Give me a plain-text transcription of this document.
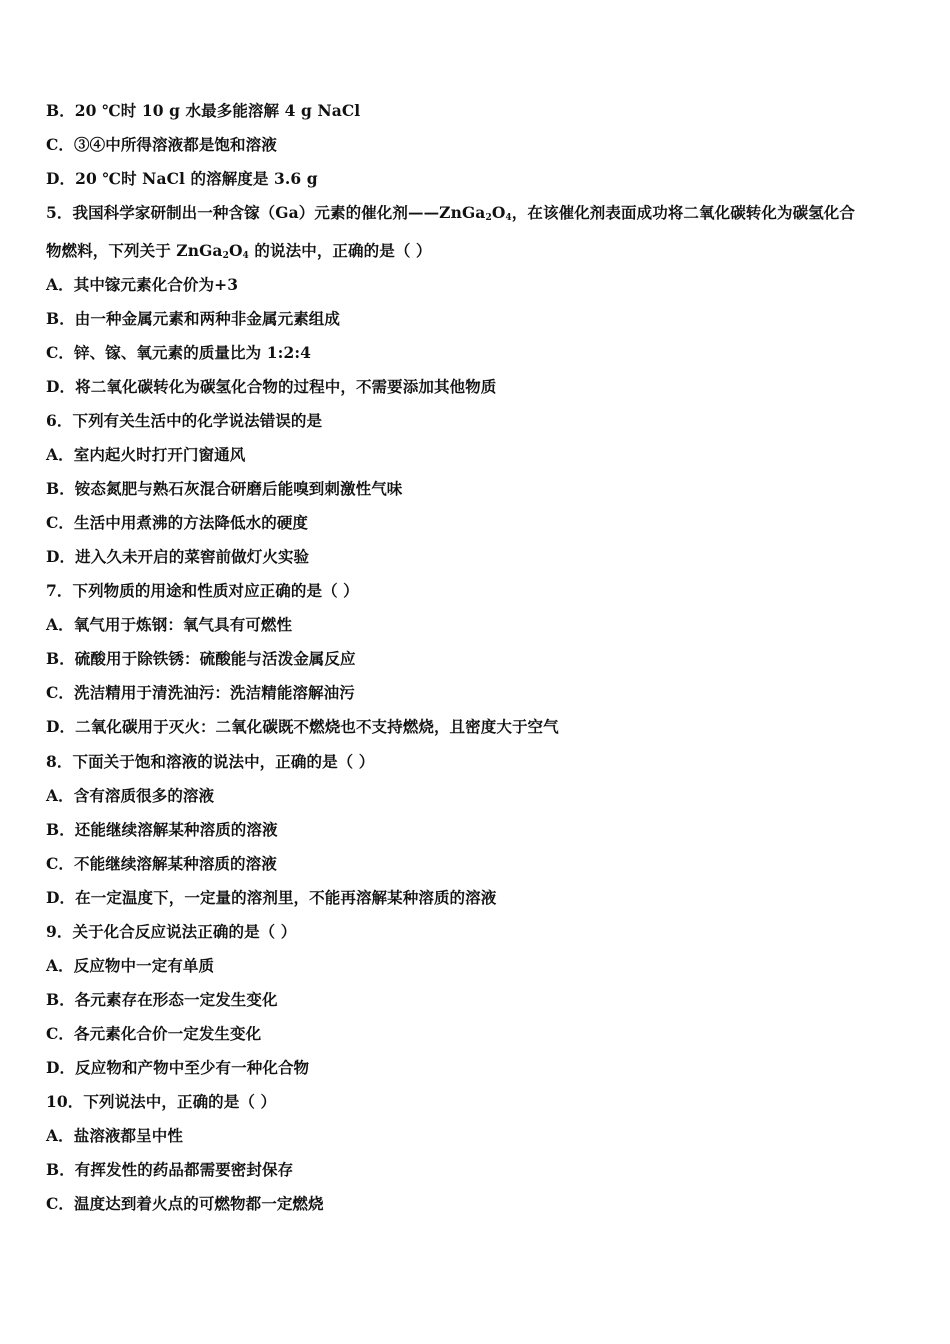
B．20 ℃时 10 g 水最多能溶解 4 g NaCl
C．③④中所得溶液都是饱和溶液
D．20 ℃时 NaCl 的溶解度是 3.6 g
5．我国科学家研制出一种含镓（Ga）元素的催化剂$——ZnGa_2O_4$，在该催化剂表面成功将二氧化碳转化为碳氢化合
物燃料，下列关于 $ZnGa_2O_4$ 的说法中，正确的是（ ）
A．其中镓元素化合价为+3
B．由一种金属元素和两种非金属元素组成
C．锌、镓、氧元素的质量比为 1:2:4
D．将二氧化碳转化为碳氢化合物的过程中，不需要添加其他物质
6．下列有关生活中的化学说法错误的是
A．室内起火时打开门窗通风
B．铵态氮肥与熟石灰混合研磨后能嗅到刺激性气味
C．生活中用煮沸的方法降低水的硬度
D．进入久未开启的菜窖前做灯火实验
7．下列物质的用途和性质对应正确的是（ ）
A．氧气用于炼钢：氧气具有可燃性
B．硫酸用于除铁锈：硫酸能与活泼金属反应
C．洗洁精用于清洗油污：洗洁精能溶解油污
D．二氧化碳用于灭火：二氧化碳既不燃烧也不支持燃烧，且密度大于空气
8．下面关于饱和溶液的说法中，正确的是（ ）
A．含有溶质很多的溶液
B．还能继续溶解某种溶质的溶液
C．不能继续溶解某种溶质的溶液
D．在一定温度下，一定量的溶剂里，不能再溶解某种溶质的溶液
9．关于化合反应说法正确的是（ ）
A．反应物中一定有单质
B．各元素存在形态一定发生变化
C．各元素化合价一定发生变化
D．反应物和产物中至少有一种化合物
10．下列说法中，正确的是（ ）
A．盐溶液都呈中性
B．有挥发性的药品都需要密封保存
C．温度达到着火点的可燃物都一定燃烧
